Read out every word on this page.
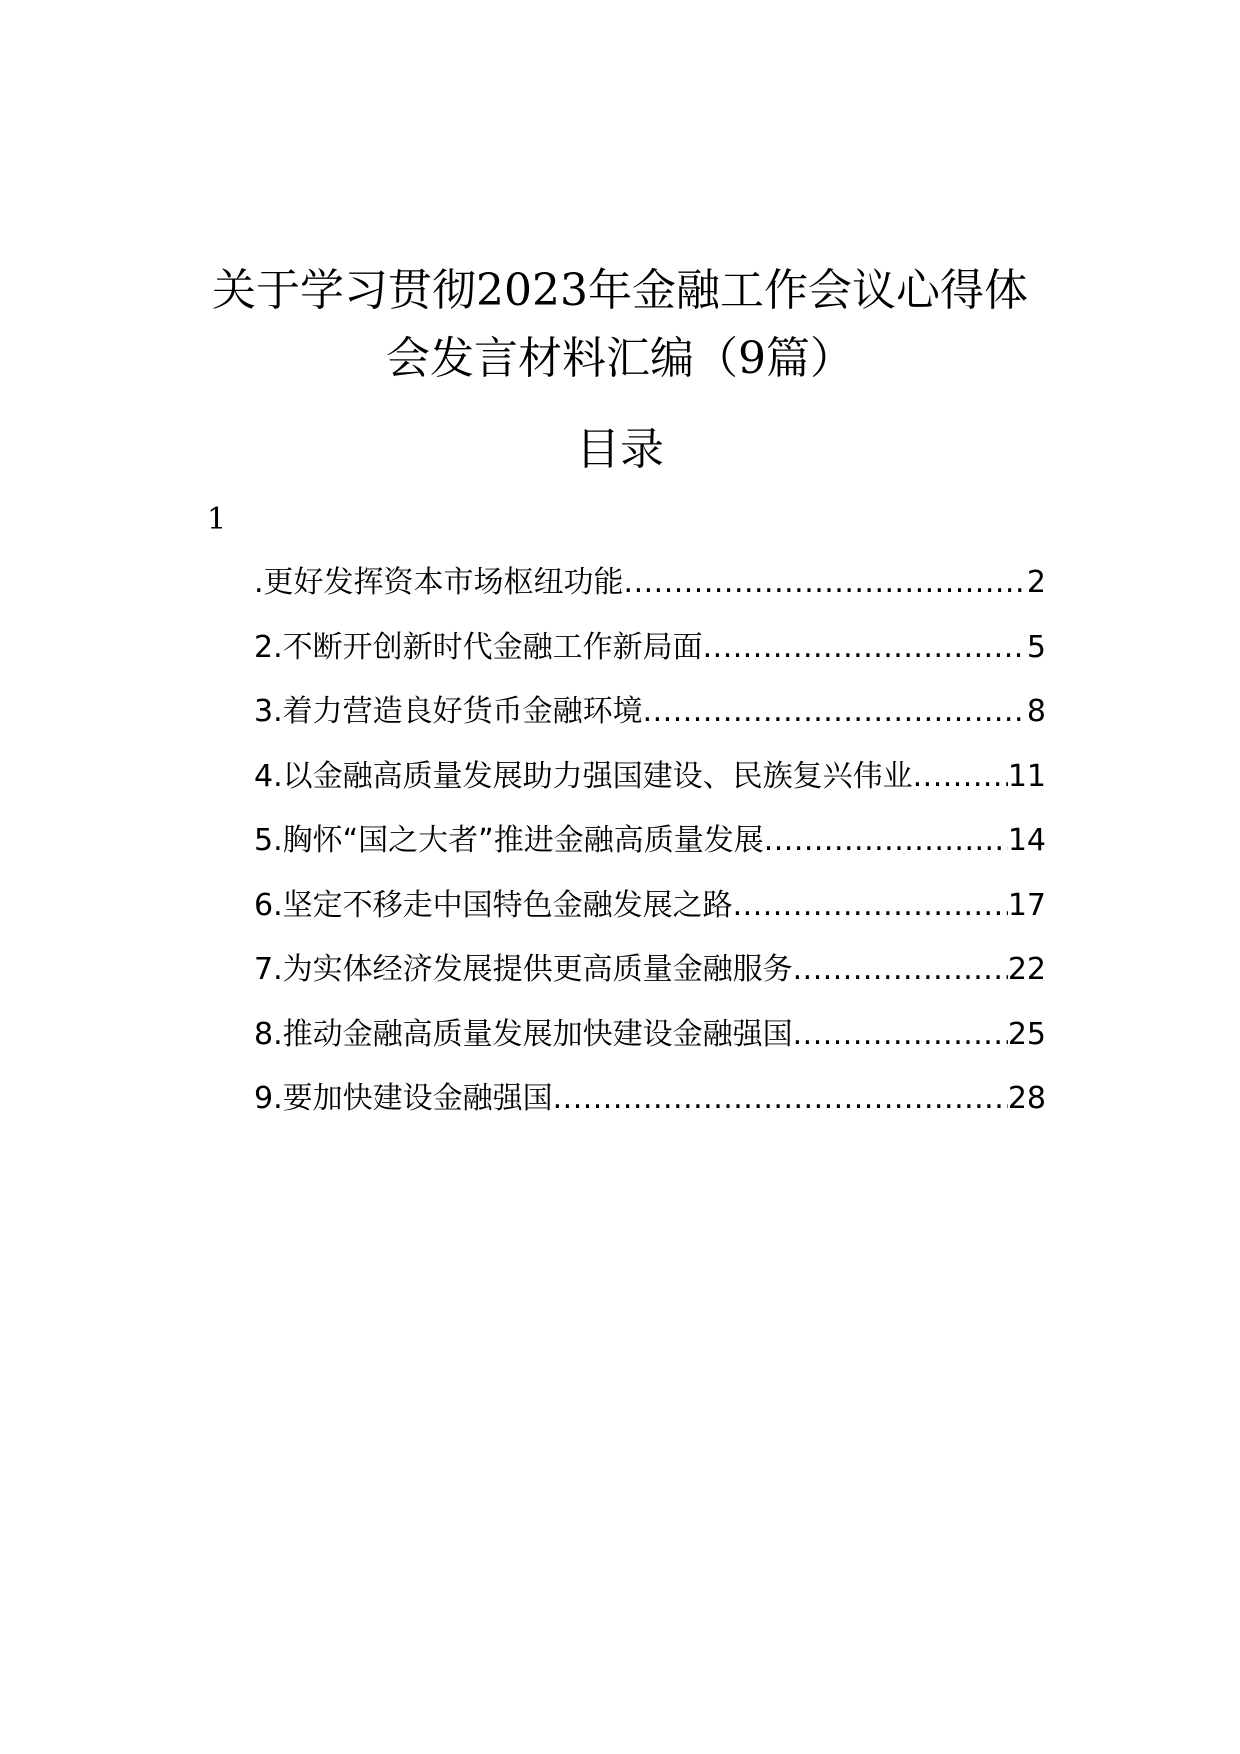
关于学习贯彻2023年金融工作会议心得体
会发言材料汇编（9篇）
目录
1
.更好发挥资本市场枢纽功能 .....	2
2.不断开创新时代金融工作新局面 .....	5
3.着力营造良好货币金融环境 .....	8
4.以金融高质量发展助力强国建设、民族复兴伟业 .....	11
5.胸怀“国之大者”推进金融高质量发展 .....	14
6.坚定不移走中国特色金融发展之路 .....	17
7.为实体经济发展提供更高质量金融服务 .....	22
8.推动金融高质量发展加快建设金融强国 .....	25
9.要加快建设金融强国 .....	28
